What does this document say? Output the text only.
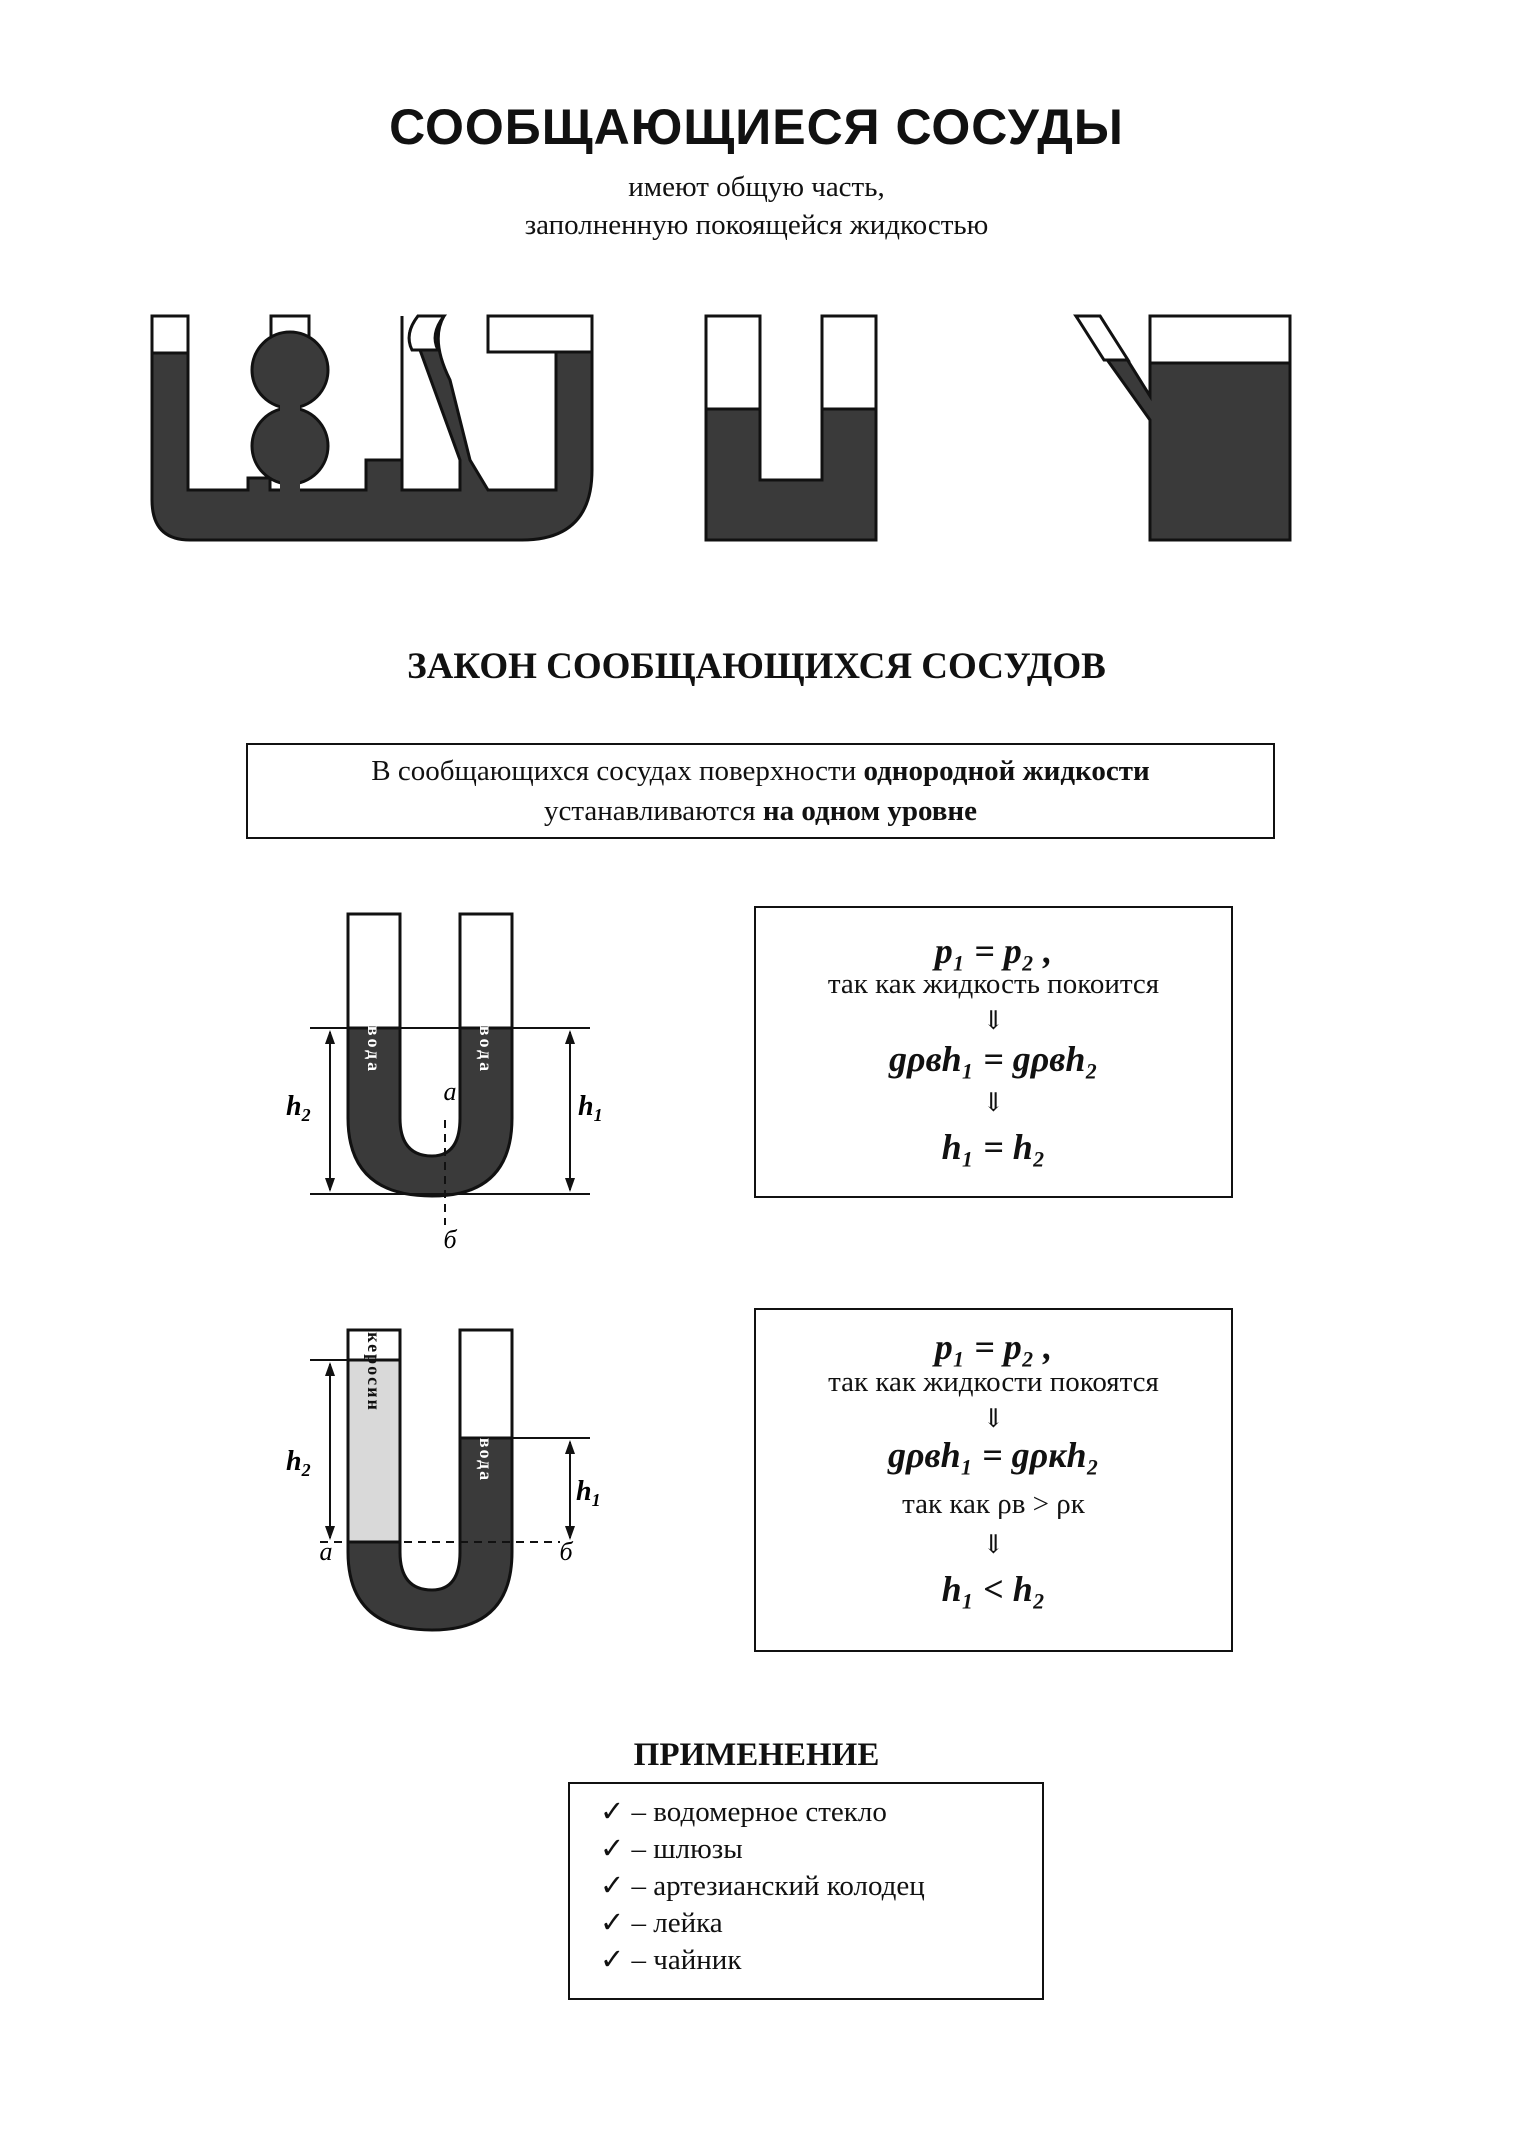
СООБЩАЮЩИЕСЯ СОСУДЫ
имеют общую часть,
заполненную покоящейся жидкостью
ЗАКОН СООБЩАЮЩИХСЯ СОСУДОВ
В сообщающихся сосудах поверхности однородной жидкости
устанавливаются на одном уровне
вода	вода
$h_2$	$h_1$
а
б
p₁ = p₂ ,
так как жидкость покоится
⇓
gρвh₁ = gρвh₂
⇓
h₁ = h₂
керосин
вода
$h_2$
$h_1$
а	б
p₁ = p₂ ,
так как жидкости покоятся
⇓
gρвh₁ = gρкh₂
так как ρв > ρк
⇓
h₁ < h₂
ПРИМЕНЕНИЕ
✓ – водомерное стекло
✓ – шлюзы
✓ – артезианский колодец
✓ – лейка
✓ – чайник
